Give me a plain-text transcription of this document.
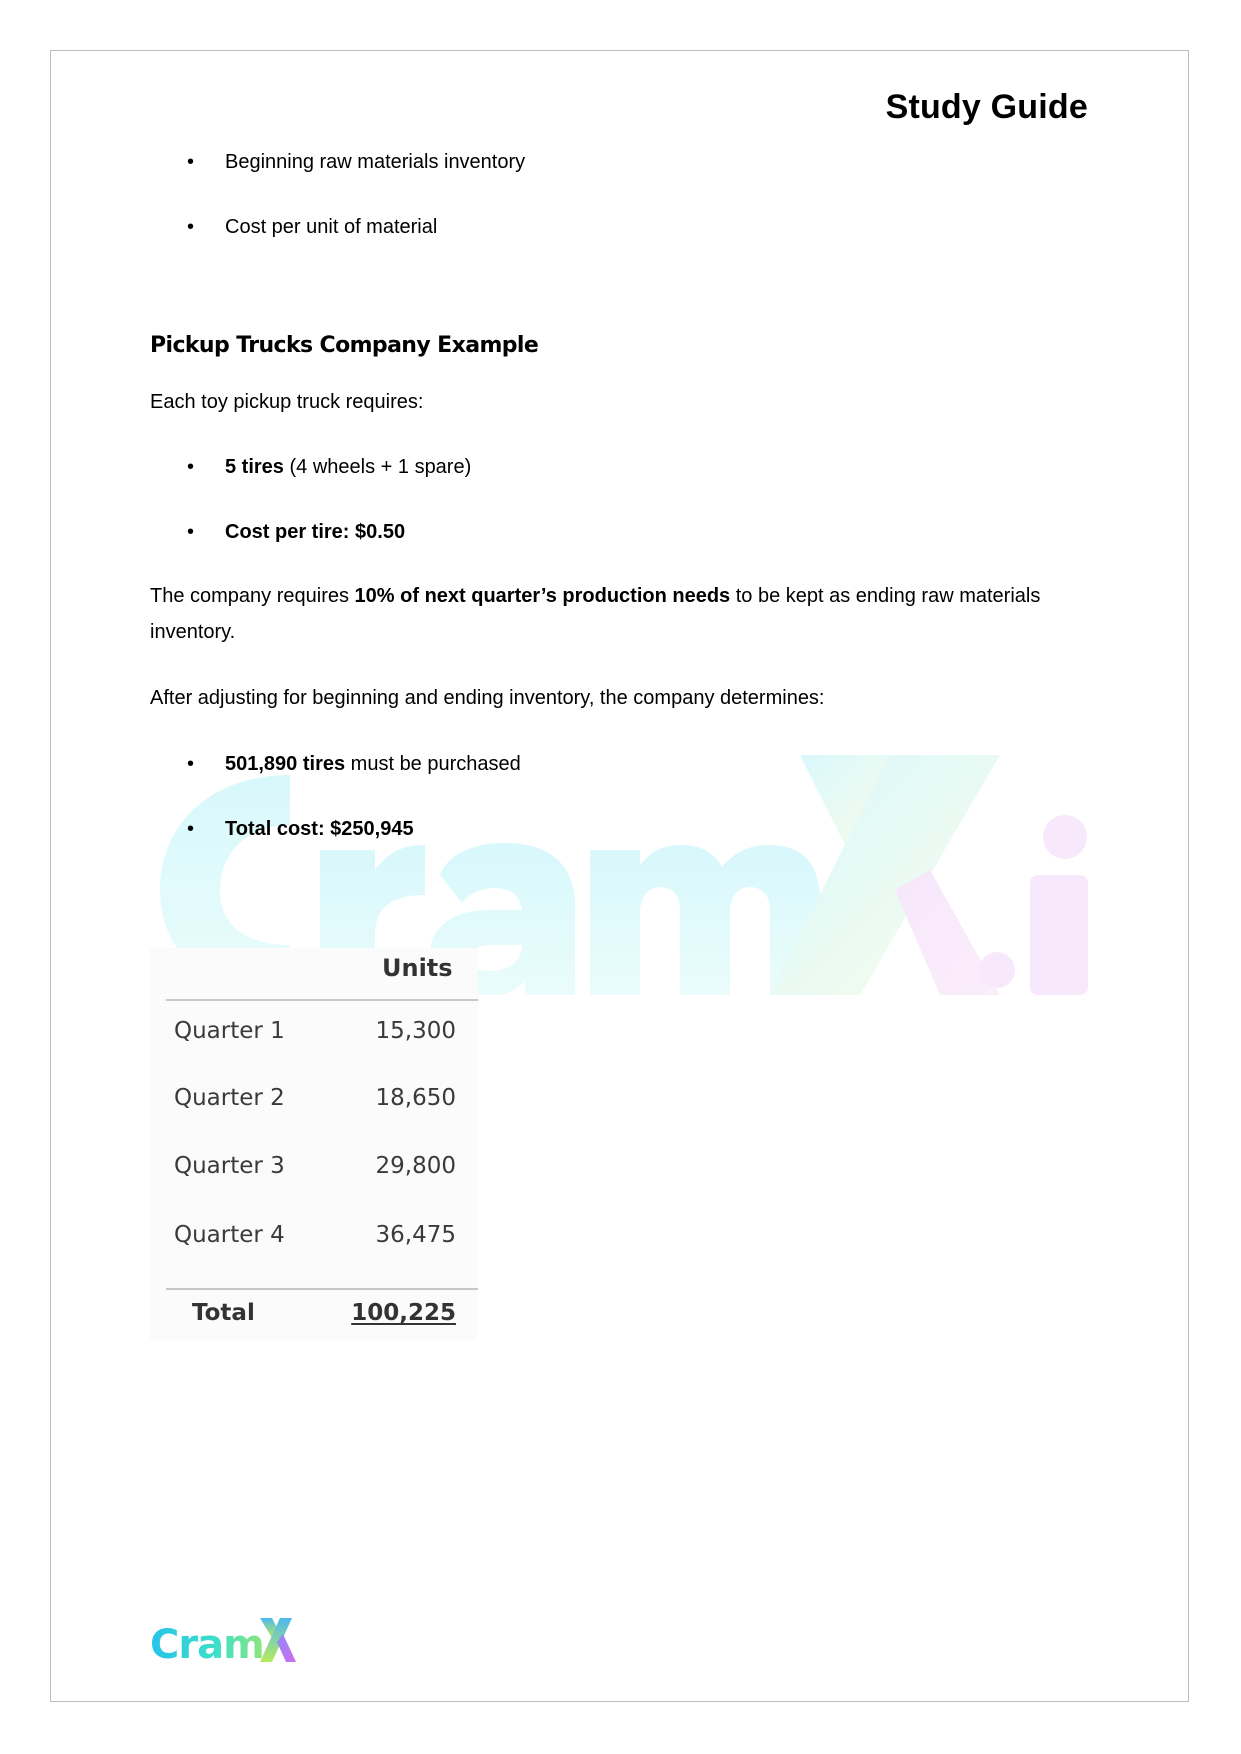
Study Guide
• Beginning raw materials inventory
• Cost per unit of material
Pickup Trucks Company Example
Each toy pickup truck requires:
• 5 tires (4 wheels + 1 spare)
• Cost per tire: $0.50
The company requires 10% of next quarter’s production needs to be kept as ending raw materials inventory.
After adjusting for beginning and ending inventory, the company determines:
• 501,890 tires must be purchased
• Total cost: $250,945
Units
Quarter 1	15,300
Quarter 2	18,650
Quarter 3	29,800
Quarter 4	36,475
Total	100,225
Cram
